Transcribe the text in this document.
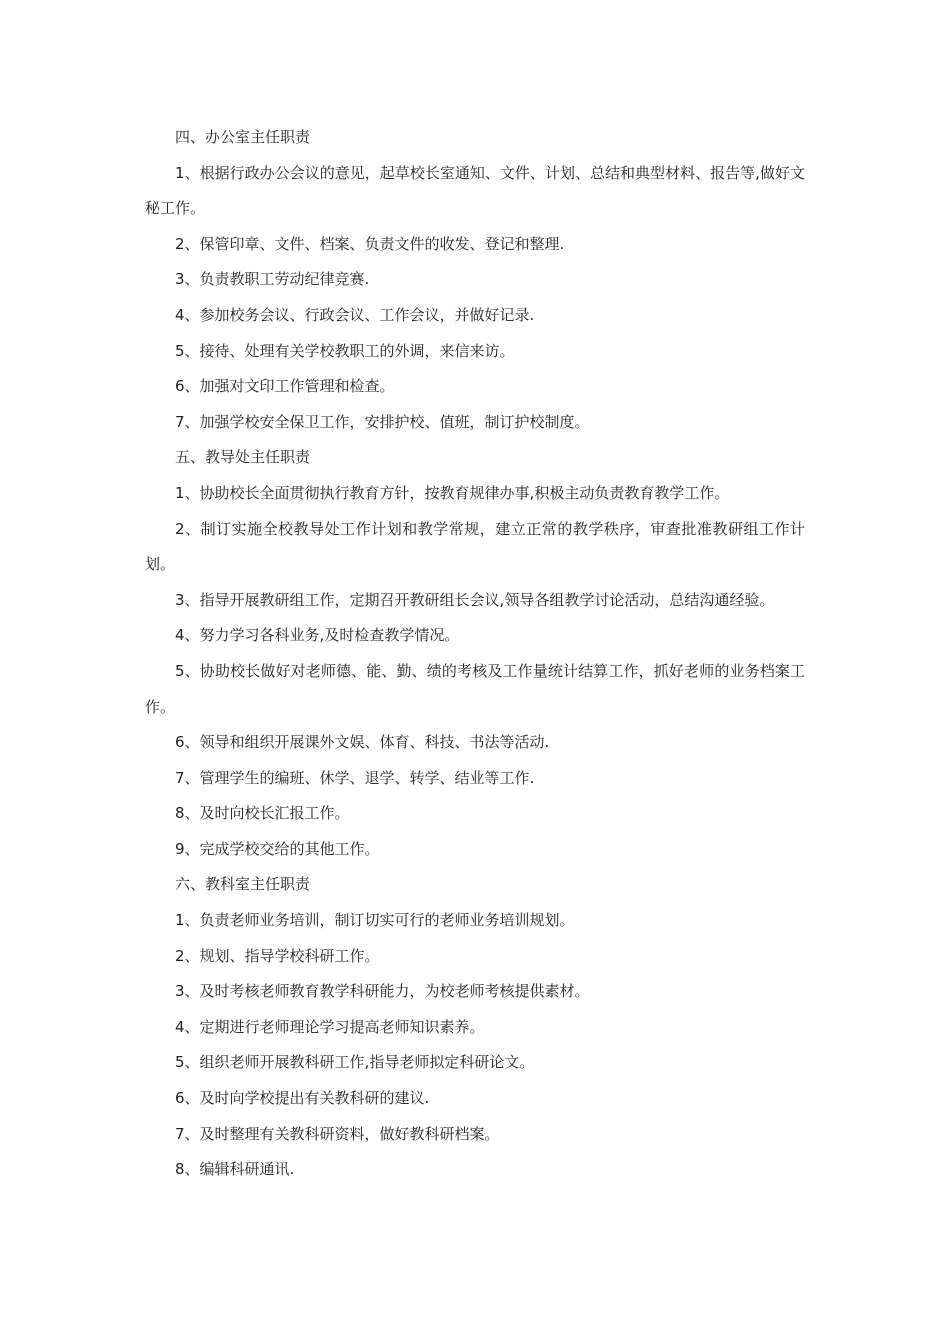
四、办公室主任职责

1、根据行政办公会议的意见，起草校长室通知、文件、计划、总结和典型材料、报告等,做好文秘工作。

2、保管印章、文件、档案、负责文件的收发、登记和整理.

3、负责教职工劳动纪律竞赛.

4、参加校务会议、行政会议、工作会议，并做好记录.

5、接待、处理有关学校教职工的外调，来信来访。

6、加强对文印工作管理和检查。

7、加强学校安全保卫工作，安排护校、值班，制订护校制度。

五、教导处主任职责

1、协助校长全面贯彻执行教育方针，按教育规律办事,积极主动负责教育教学工作。

2、制订实施全校教导处工作计划和教学常规，建立正常的教学秩序，审查批准教研组工作计划。

3、指导开展教研组工作，定期召开教研组长会议,领导各组教学讨论活动，总结沟通经验。

4、努力学习各科业务,及时检查教学情况。

5、协助校长做好对老师德、能、勤、绩的考核及工作量统计结算工作，抓好老师的业务档案工作。

6、领导和组织开展课外文娱、体育、科技、书法等活动.

7、管理学生的编班、休学、退学、转学、结业等工作.

8、及时向校长汇报工作。

9、完成学校交给的其他工作。

六、教科室主任职责

1、负责老师业务培训，制订切实可行的老师业务培训规划。

2、规划、指导学校科研工作。

3、及时考核老师教育教学科研能力，为校老师考核提供素材。

4、定期进行老师理论学习提高老师知识素养。

5、组织老师开展教科研工作,指导老师拟定科研论文。

6、及时向学校提出有关教科研的建议.

7、及时整理有关教科研资料，做好教科研档案。

8、编辑科研通讯.
